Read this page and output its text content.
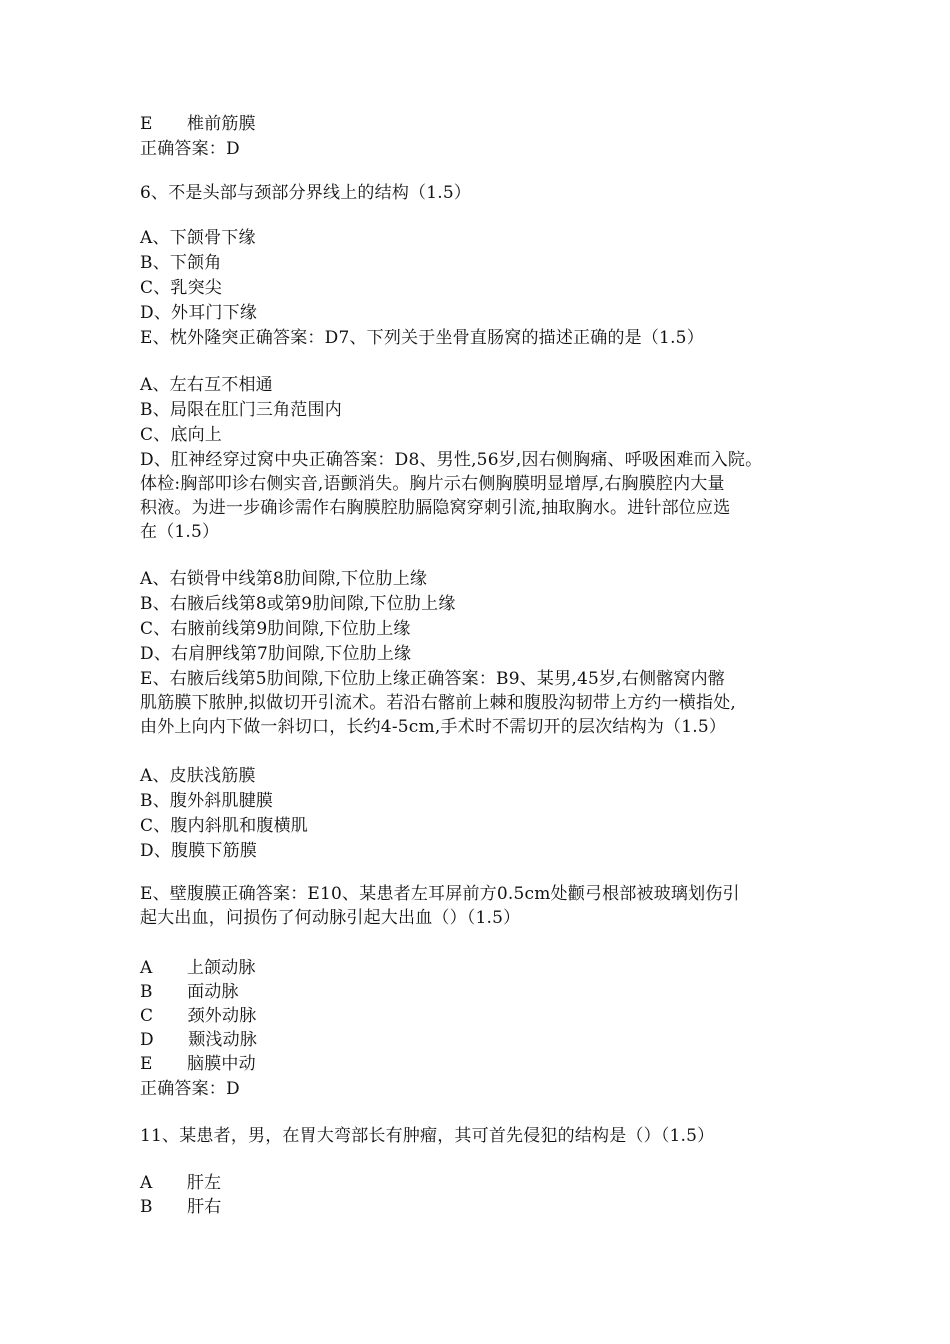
E　　椎前筋膜
正确答案：D
6、不是头部与颈部分界线上的结构（1.5）
A、下颌骨下缘
B、下颌角
C、乳突尖
D、外耳门下缘
E、枕外隆突正确答案：D7、下列关于坐骨直肠窝的描述正确的是（1.5）
A、左右互不相通
B、局限在肛门三角范围内
C、底向上
D、肛神经穿过窝中央正确答案：D8、男性,56岁,因右侧胸痛、呼吸困难而入院。
体检:胸部叩诊右侧实音,语颤消失。胸片示右侧胸膜明显增厚,右胸膜腔内大量
积液。为进一步确诊需作右胸膜腔肋膈隐窝穿刺引流,抽取胸水。进针部位应选
在（1.5）
A、右锁骨中线第8肋间隙,下位肋上缘
B、右腋后线第8或第9肋间隙,下位肋上缘
C、右腋前线第9肋间隙,下位肋上缘
D、右肩胛线第7肋间隙,下位肋上缘
E、右腋后线第5肋间隙,下位肋上缘正确答案：B9、某男,45岁,右侧髂窝内髂
肌筋膜下脓肿,拟做切开引流术。若沿右髂前上棘和腹股沟韧带上方约一横指处,
由外上向内下做一斜切口，长约4-5cm,手术时不需切开的层次结构为（1.5）
A、皮肤浅筋膜
B、腹外斜肌腱膜
C、腹内斜肌和腹横肌
D、腹膜下筋膜
E、壁腹膜正确答案：E10、某患者左耳屏前方0.5cm处颧弓根部被玻璃划伤引
起大出血，问损伤了何动脉引起大出血（）（1.5）
A　　上颌动脉
B　　面动脉
C　　颈外动脉
D　　颞浅动脉
E　　脑膜中动
正确答案：D
11、某患者，男，在胃大弯部长有肿瘤，其可首先侵犯的结构是（）（1.5）
A　　肝左
B　　肝右
